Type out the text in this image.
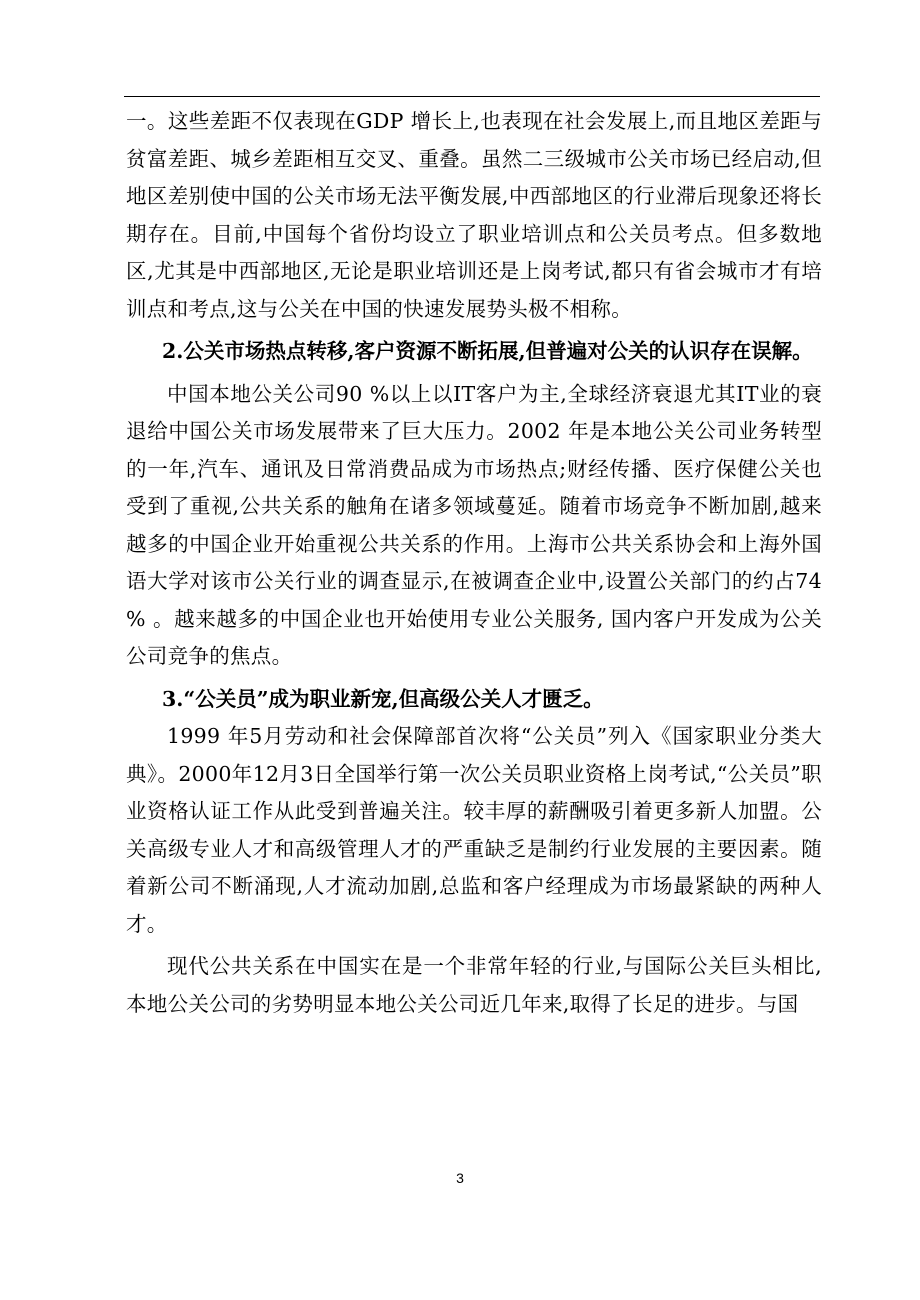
一。这些差距不仅表现在GDP 增长上,也表现在社会发展上,而且地区差距与贫富差距、城乡差距相互交叉、重叠。虽然二三级城市公关市场已经启动,但地区差别使中国的公关市场无法平衡发展,中西部地区的行业滞后现象还将长期存在。目前,中国每个省份均设立了职业培训点和公关员考点。但多数地区,尤其是中西部地区,无论是职业培训还是上岗考试,都只有省会城市才有培训点和考点,这与公关在中国的快速发展势头极不相称。

2.公关市场热点转移,客户资源不断拓展,但普遍对公关的认识存在误解。

中国本地公关公司90 %以上以IT客户为主,全球经济衰退尤其IT业的衰退给中国公关市场发展带来了巨大压力。2002 年是本地公关公司业务转型的一年,汽车、通讯及日常消费品成为市场热点;财经传播、医疗保健公关也受到了重视,公共关系的触角在诸多领域蔓延。随着市场竞争不断加剧,越来越多的中国企业开始重视公共关系的作用。上海市公共关系协会和上海外国语大学对该市公关行业的调查显示,在被调查企业中,设置公关部门的约占74 % 。越来越多的中国企业也开始使用专业公关服务, 国内客户开发成为公关公司竞争的焦点。

3.“公关员”成为职业新宠,但高级公关人才匮乏。

1999 年5月劳动和社会保障部首次将“公关员”列入《国家职业分类大典》。2000年12月3日全国举行第一次公关员职业资格上岗考试,“公关员”职业资格认证工作从此受到普遍关注。较丰厚的薪酬吸引着更多新人加盟。公关高级专业人才和高级管理人才的严重缺乏是制约行业发展的主要因素。随着新公司不断涌现,人才流动加剧,总监和客户经理成为市场最紧缺的两种人才。

现代公共关系在中国实在是一个非常年轻的行业,与国际公关巨头相比,本地公关公司的劣势明显本地公关公司近几年来,取得了长足的进步。与国

3
